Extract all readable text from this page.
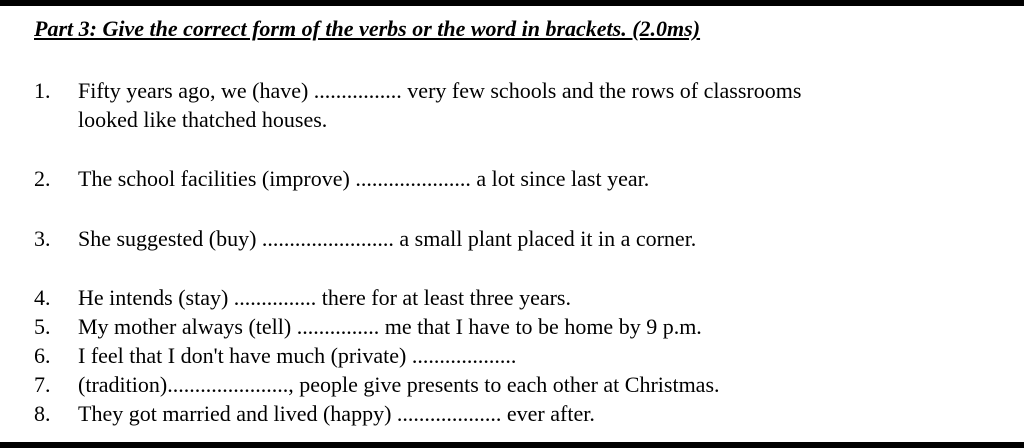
Part 3: Give the correct form of the verbs or the word in brackets. (2.0ms)
1. Fifty years ago, we (have) ................ very few schools and the rows of classrooms
looked like thatched houses.
2. The school facilities (improve) ..................... a lot since last year.
3. She suggested (buy) ........................ a small plant placed it in a corner.
4. He intends (stay) ............... there for at least three years.
5. My mother always (tell) ............... me that I have to be home by 9 p.m.
6. I feel that I don't have much (private) ...................
7. (tradition)......................, people give presents to each other at Christmas.
8. They got married and lived (happy) ................... ever after.
